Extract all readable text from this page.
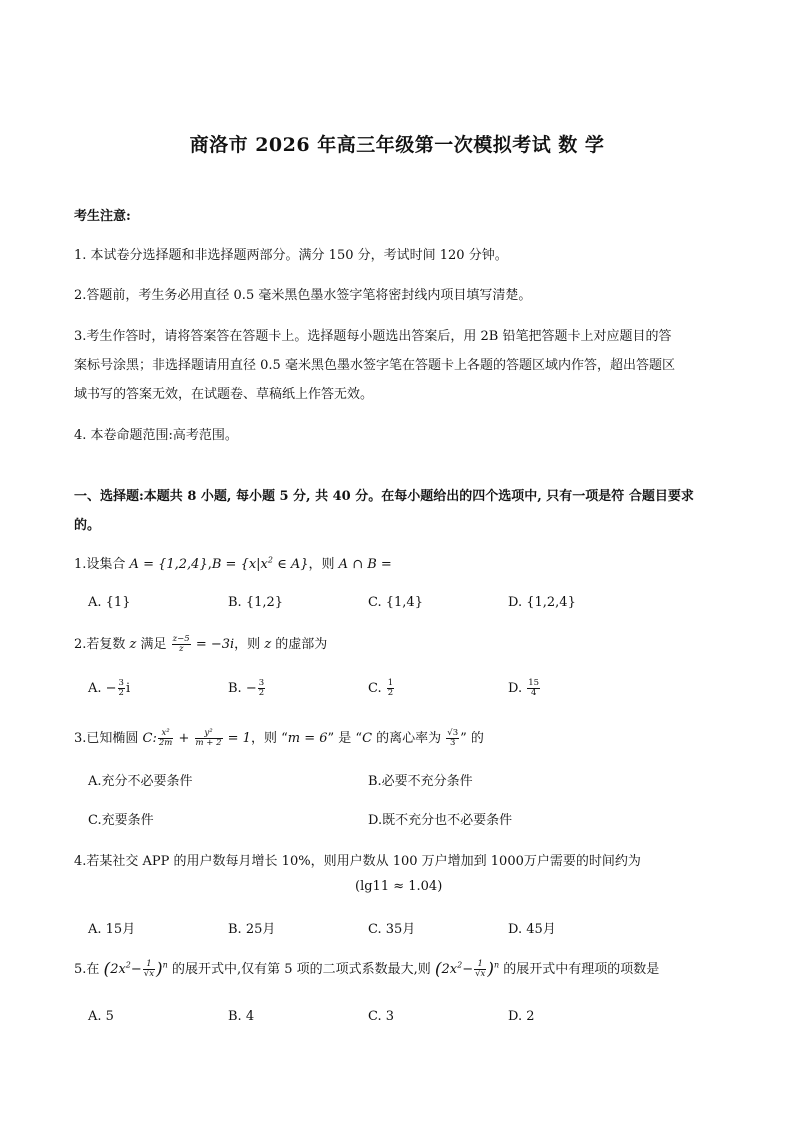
商洛市 2026 年高三年级第一次模拟考试 数 学
考生注意:
1. 本试卷分选择题和非选择题两部分。满分 150 分，考试时间 120 分钟。
2.答题前，考生务必用直径 0.5 毫米黑色墨水签字笔将密封线内项目填写清楚。
3.考生作答时，请将答案答在答题卡上。选择题每小题选出答案后，用 2B 铅笔把答题卡上对应题目的答
案标号涂黑；非选择题请用直径 0.5 毫米黑色墨水签字笔在答题卡上各题的答题区域内作答，超出答题区
域书写的答案无效，在试题卷、草稿纸上作答无效。
4. 本卷命题范围:高考范围。
一、选择题:本题共 8 小题, 每小题 5 分, 共 40 分。在每小题给出的四个选项中, 只有一项是符 合题目要求
的。
1.设集合 $A = \{1,2,4\},B = \{x|x^2$ ∈ A}，则 A ∩ B =
A. {1}	B. {1,2}	C. {1,4}	D. {1,2,4}
2.若复数 z 满足 $\frac{z-5}{z} = -3i$，则 z 的虚部为
A. − $\frac{3}{2}$ i	B. − $\frac{3}{2}$	C. $\frac{1}{2}$	D. $\frac{15}{4}$
3.已知椭圆 C: $\frac{\text{x²}}{2m} + \frac{\text{y²}}{m + 2} = 1$，则 “m = 6” 是 “C 的离心率为 $\frac{√3}{3}$ ” 的
A.充分不必要条件	B.必要不充分条件
C.充要条件	D.既不充分也不必要条件
4.若某社交 APP 的用户数每月增长 10%，则用户数从 100 万户增加到 1000万户需要的时间约为
(lg11 ≈ 1.04)
A. 15月	B. 25月	C. 35月	D. 45月
5.在 $(2x^2- \frac{1}{√x} )^n$ 的展开式中,仅有第 5 项的二项式系数最大,则 $(2x^2- \frac{1}{√x} )^n$ 的展开式中有理项的项数是
A. 5	B. 4	C. 3	D. 2
